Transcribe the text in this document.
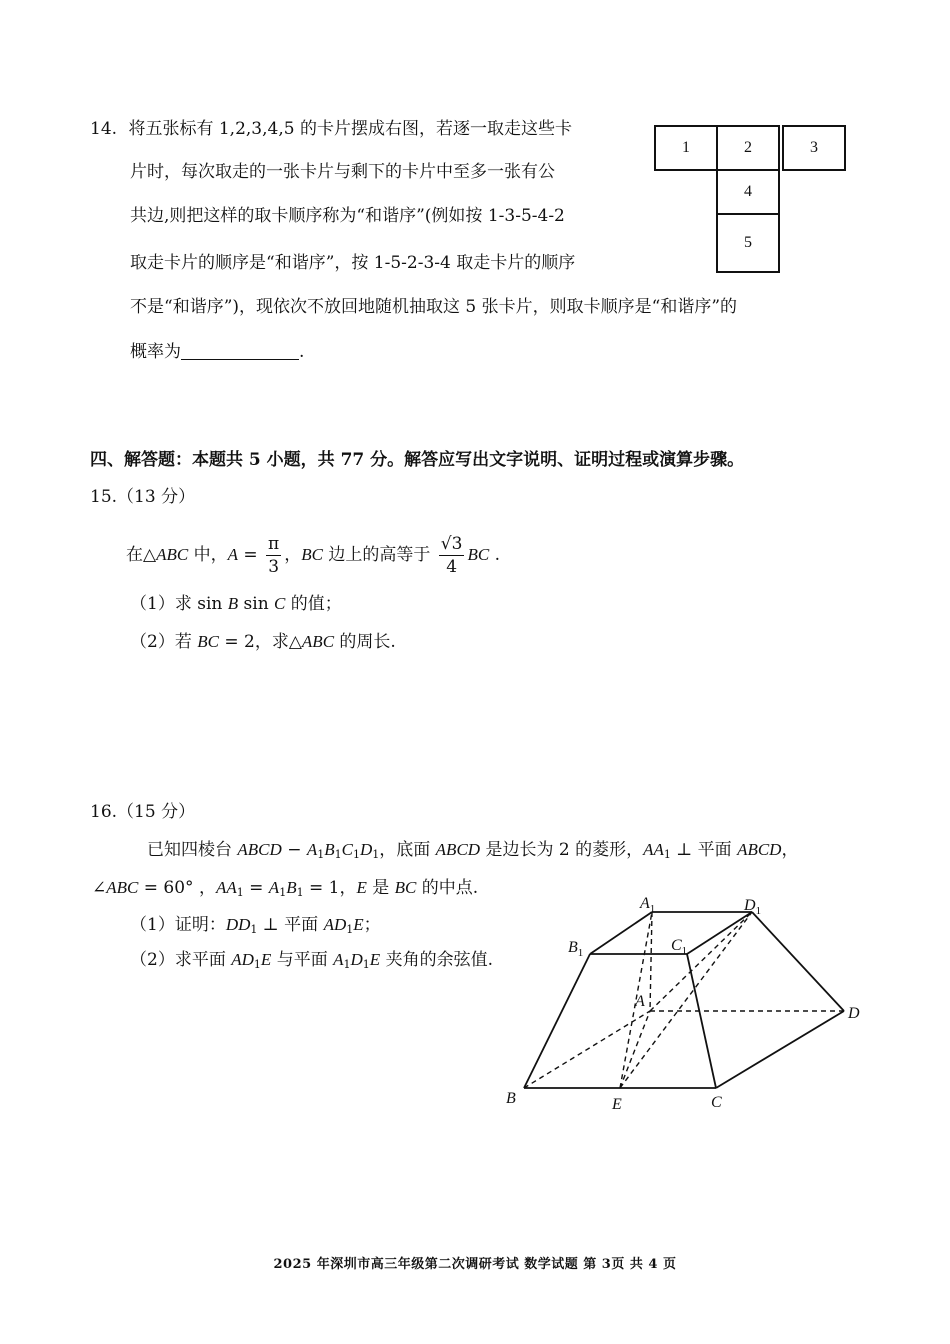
14. 将五张标有 1,2,3,4,5 的卡片摆成右图，若逐一取走这些卡
片时，每次取走的一张卡片与剩下的卡片中至多一张有公
共边,则把这样的取卡顺序称为“和谐序”(例如按 1-3-5-4-2
取走卡片的顺序是“和谐序”，按 1-5-2-3-4 取走卡片的顺序
不是“和谐序”)，现依次不放回地随机抽取这 5 张卡片，则取卡顺序是“和谐序”的
概率为	.
1	2	3
4
5
四、解答题：本题共 5 小题，共 77 分。解答应写出文字说明、证明过程或演算步骤。
15.（13 分）
在△ABC 中，$A = \frac{\pi}{3}$ ，BC 边上的高等于 $\frac{√3}{4}$ BC .
（1）求 sin B sin C 的值；
（2）若 BC = 2，求△ABC 的周长.
16.（15 分）
已知四棱台 ABCD − $A_1B_1C_1D_1$，底面 ABCD 是边长为 2 的菱形，$AA_1$ ⊥ 平面 ABCD，
∠ABC = 60° ，$AA_1 = A_1B_1 = 1$，E 是 BC 的中点.
（1）证明：$DD_1$ ⊥ 平面 $AD_1E$；
（2）求平面 $AD_1E$ 与平面 $A_1D_1E$ 夹角的余弦值.
$A_1$	$D_1$
$B_1$	$C_1$
A
D
B	E	C
2025 年深圳市高三年级第二次调研考试 数学试题 第 3页 共 4 页
